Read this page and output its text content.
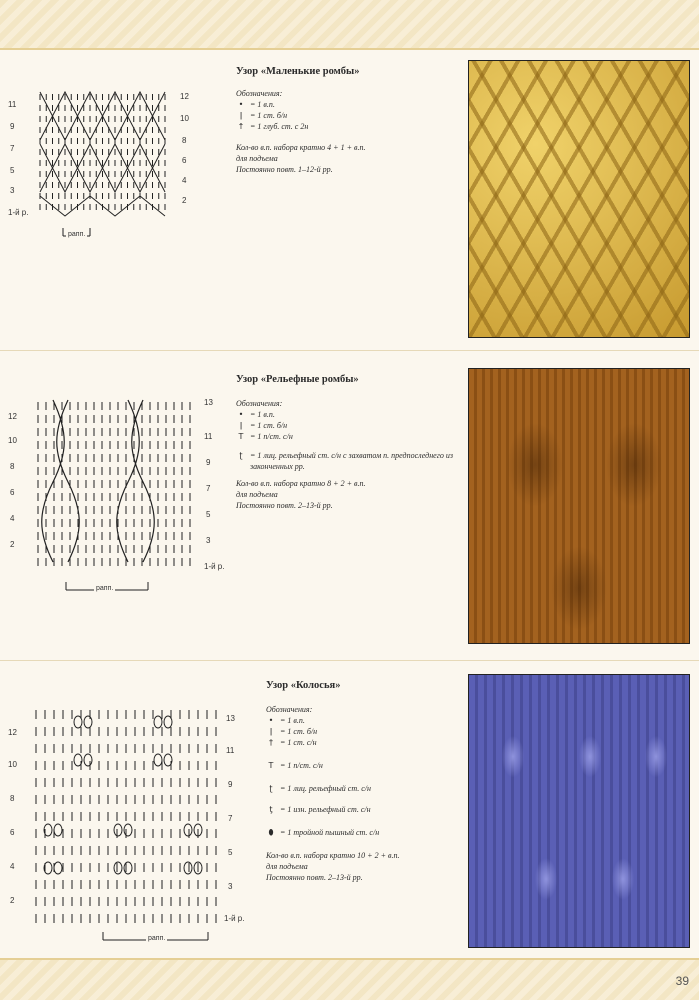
11
9
7
5
3
1-й р.
12
10
8
6
4
2
рапп.
Узор «Маленькие ромбы»
Обозначения:
• = 1 в.п.
ǀ = 1 ст. б/н
↑ = 1 глуб. ст. с 2н
Кол-во в.п. набора кратно 4 + 1 + в.п.
для подъема
Постоянно повт. 1–12-й рр.
12
10
8
6
4
2
13
11
9
7
5
3
1-й р.
рапп.
Узор «Рельефные ромбы»
Обозначения:
• = 1 в.п.
ǀ = 1 ст. б/н
T = 1 п/ст. с/н
ʈ = 1 лиц. рельефный ст. с/н с захватом п. предпоследнего из законченных рр.
Кол-во в.п. набора кратно 8 + 2 + в.п.
для подъема
Постоянно повт. 2–13-й рр.
12
10
8
6
4
2
13
11
9
7
5
3
1-й р.
рапп.
Узор «Колосья»
Обозначения:
• = 1 в.п.
ǀ = 1 ст. б/н
† = 1 ст. с/н
T = 1 п/ст. с/н
ʈ = 1 лиц. рельефный ст. с/н
ƫ = 1 изн. рельефный ст. с/н
⬮ = 1 тройной пышный ст. с/н
Кол-во в.п. набора кратно 10 + 2 + в.п.
для подъема
Постоянно повт. 2–13-й рр.
39
